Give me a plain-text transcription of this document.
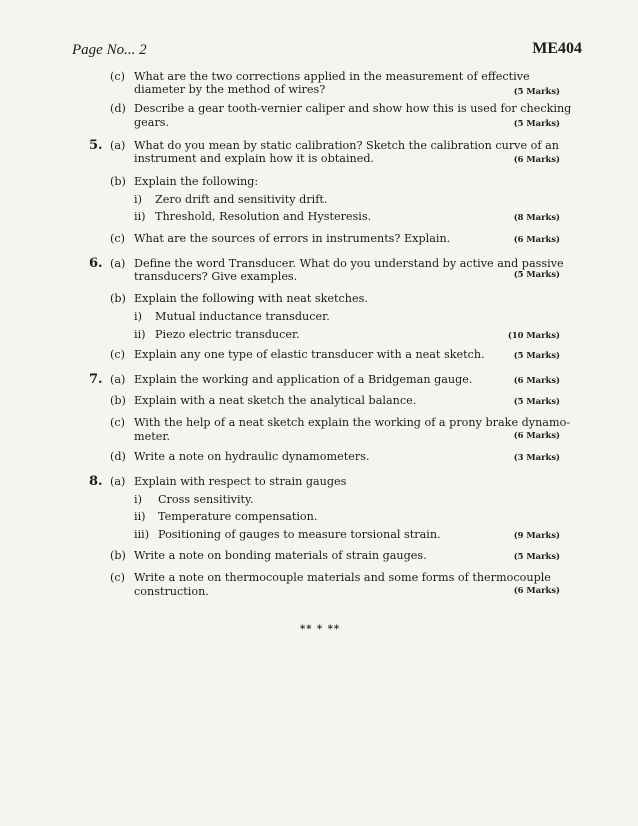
Page No... 2	ME404
(c) What are the two corrections applied in the measurement of effective
diameter by the method of wires?	(5 Marks)
(d) Describe a gear tooth-vernier caliper and show how this is used for checking
gears.	(5 Marks)
5. (a) What do you mean by static calibration? Sketch the calibration curve of an
instrument and explain how it is obtained.	(6 Marks)
(b) Explain the following:
i) Zero drift and sensitivity drift.
ii) Threshold, Resolution and Hysteresis.	(8 Marks)
(c) What are the sources of errors in instruments? Explain.	(6 Marks)
6. (a) Define the word Transducer. What do you understand by active and passive
transducers? Give examples.	(5 Marks)
(b) Explain the following with neat sketches.
i) Mutual inductance transducer.
ii) Piezo electric transducer.	(10 Marks)
(c) Explain any one type of elastic transducer with a neat sketch.	(5 Marks)
7. (a) Explain the working and application of a Bridgeman gauge.	(6 Marks)
(b) Explain with a neat sketch the analytical balance.	(5 Marks)
(c) With the help of a neat sketch explain the working of a prony brake dynamo-
meter.	(6 Marks)
(d) Write a note on hydraulic dynamometers.	(3 Marks)
8. (a) Explain with respect to strain gauges
i) Cross sensitivity.
ii) Temperature compensation.
iii) Positioning of gauges to measure torsional strain.	(9 Marks)
(b) Write a note on bonding materials of strain gauges.	(5 Marks)
(c) Write a note on thermocouple materials and some forms of thermocouple
construction.	(6 Marks)
** * **
